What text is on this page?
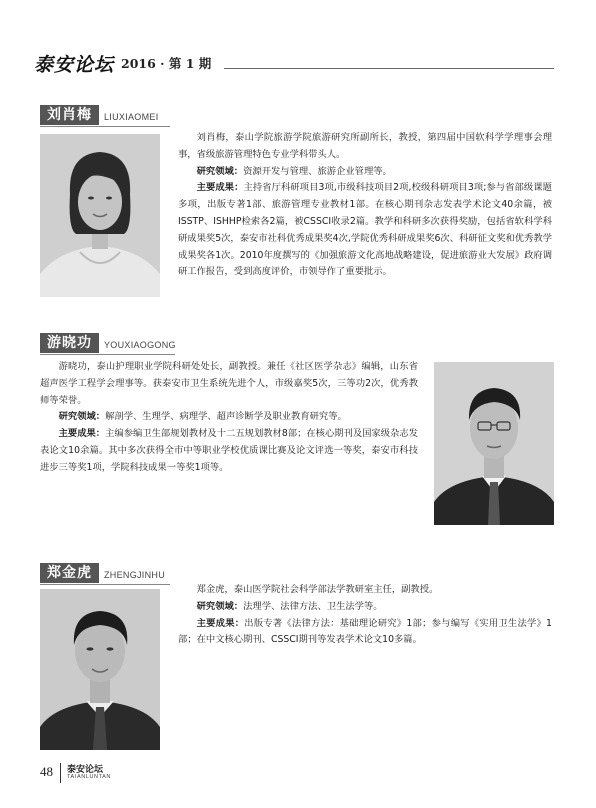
泰安论坛 2016 · 第 1 期
刘肖梅	LIUXIAOMEI

刘肖梅，泰山学院旅游学院旅游研究所副所长，教授，第四届中国软科学学理事会理事，省级旅游管理特色专业学科带头人。

研究领域：资源开发与管理、旅游企业管理等。

主要成果：主持省厅科研项目3项,市级科技项目2项,校级科研项目3项;参与省部级课题多项，出版专著1部、旅游管理专业教材1部。在核心期刊杂志发表学术论文40余篇，被ISSTP、ISHHP检索各2篇，被CSSCI收录2篇。教学和科研多次获得奖励，包括省软科学科研成果奖5次，泰安市社科优秀成果奖4次,学院优秀科研成果奖6次、科研征文奖和优秀教学成果奖各1次。2010年度撰写的《加强旅游文化高地战略建设，促进旅游业大发展》政府调研工作报告，受到高度评价，市领导作了重要批示。

游晓功	YOUXIAOGONG

游晓功，泰山护理职业学院科研处处长，副教授。兼任《社区医学杂志》编辑，山东省超声医学工程学会理事等。获泰安市卫生系统先进个人，市级嘉奖5次，三等功2次，优秀教师等荣誉。

研究领域：解剖学、生理学、病理学、超声诊断学及职业教育研究等。

主要成果：主编参编卫生部规划教材及十二五规划教材8部；在核心期刊及国家级杂志发表论文10余篇。其中多次获得全市中等职业学校优质课比赛及论文评选一等奖，泰安市科技进步三等奖1项，学院科技成果一等奖1项等。

郑金虎	ZHENGJINHU

郑金虎，泰山医学院社会科学部法学教研室主任，副教授。

研究领域：法理学、法律方法、卫生法学等。

主要成果：出版专著《法律方法：基础理论研究》1部；参与编写《实用卫生法学》1部；在中文核心期刊、CSSCI期刊等发表学术论文10多篇。

48 泰安论坛
TAIANLUNTAN
